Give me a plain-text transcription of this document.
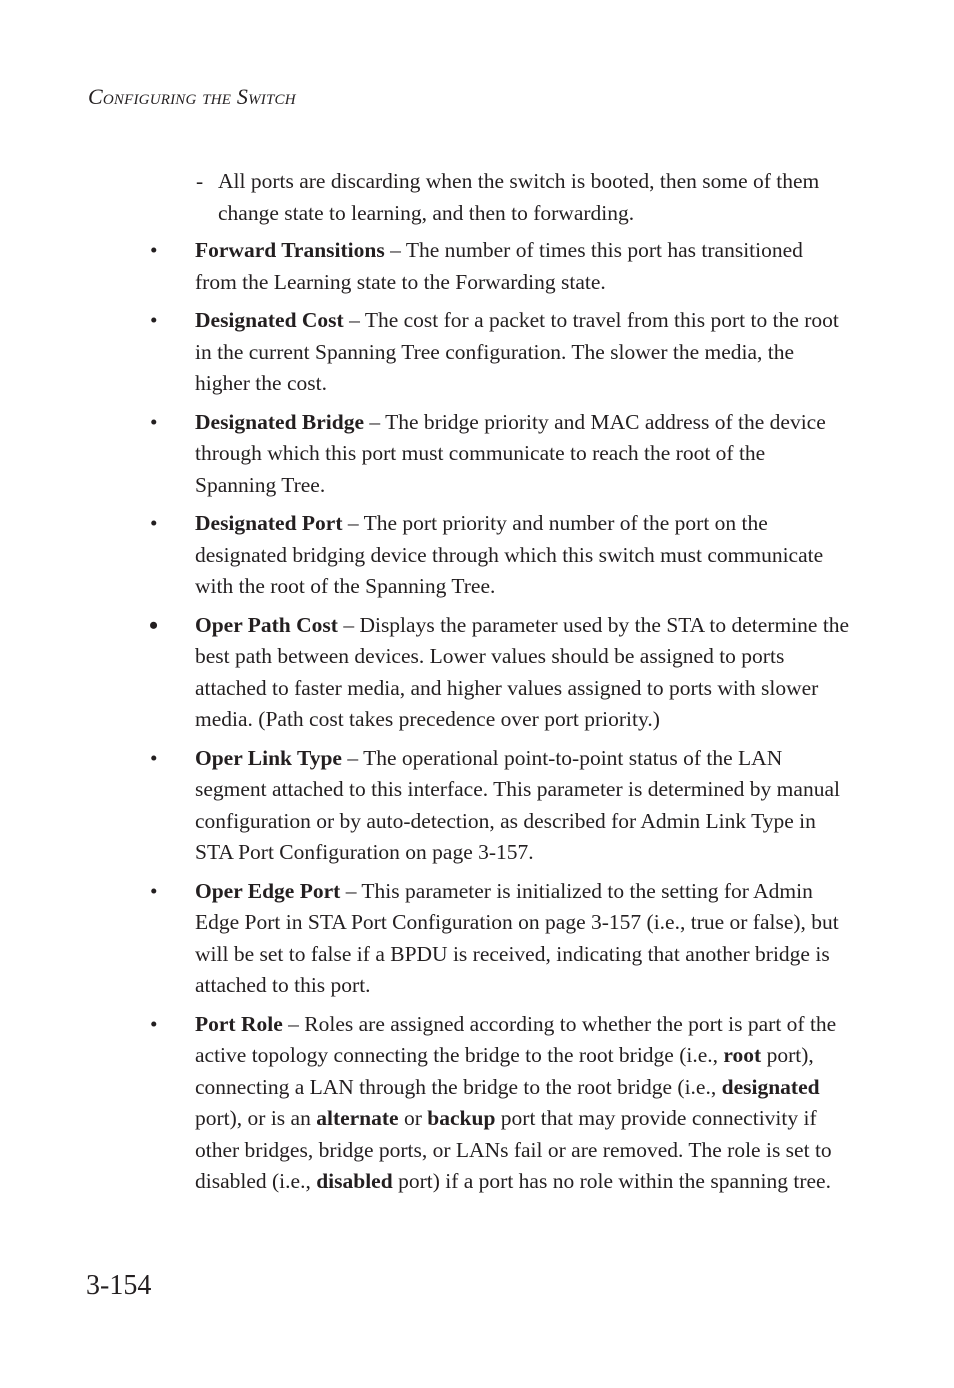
Configuring the Switch
- All ports are discarding when the switch is booted, then some of them change state to learning, and then to forwarding.
• Forward Transitions – The number of times this port has transitioned from the Learning state to the Forwarding state.
• Designated Cost – The cost for a packet to travel from this port to the root in the current Spanning Tree configuration. The slower the media, the higher the cost.
• Designated Bridge – The bridge priority and MAC address of the device through which this port must communicate to reach the root of the Spanning Tree.
• Designated Port – The port priority and number of the port on the designated bridging device through which this switch must communicate with the root of the Spanning Tree.
• Oper Path Cost – Displays the parameter used by the STA to determine the best path between devices. Lower values should be assigned to ports attached to faster media, and higher values assigned to ports with slower media. (Path cost takes precedence over port priority.)
• Oper Link Type – The operational point-to-point status of the LAN segment attached to this interface. This parameter is determined by manual configuration or by auto-detection, as described for Admin Link Type in STA Port Configuration on page 3-157.
• Oper Edge Port – This parameter is initialized to the setting for Admin Edge Port in STA Port Configuration on page 3-157 (i.e., true or false), but will be set to false if a BPDU is received, indicating that another bridge is attached to this port.
• Port Role – Roles are assigned according to whether the port is part of the active topology connecting the bridge to the root bridge (i.e., root port), connecting a LAN through the bridge to the root bridge (i.e., designated port), or is an alternate or backup port that may provide connectivity if other bridges, bridge ports, or LANs fail or are removed. The role is set to disabled (i.e., disabled port) if a port has no role within the spanning tree.
3-154
